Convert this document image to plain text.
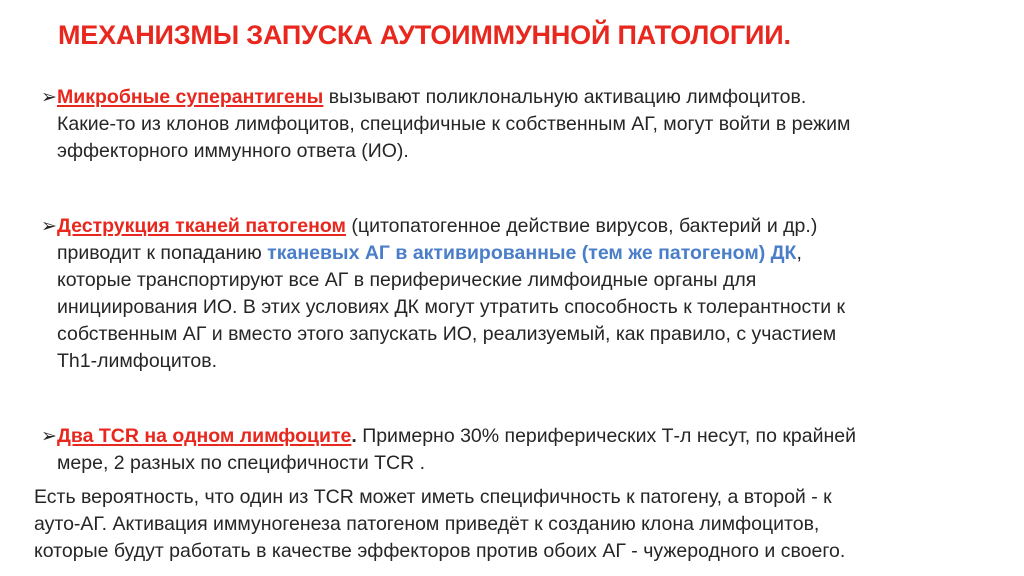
МЕХАНИЗМЫ ЗАПУСКА АУТОИММУННОЙ ПАТОЛОГИИ.
➢ Микробные суперантигены вызывают поликлональную активацию лимфоцитов.
Какие-то из клонов лимфоцитов, специфичные к собственным АГ, могут войти в режим
эффекторного иммунного ответа (ИО).
➢ Деструкция тканей патогеном (цитопатогенное действие вирусов, бактерий и др.)
приводит к попаданию тканевых АГ в активированные (тем же патогеном) ДК,
которые транспортируют все АГ в периферические лимфоидные органы для
инициирования ИО. В этих условиях ДК могут утратить способность к толерантности к
собственным АГ и вместо этого запускать ИО, реализуемый, как правило, с участием
Th1-лимфоцитов.
➢ Два TCR на одном лимфоците. Примерно 30% периферических Т-л несут, по крайней
мере, 2 разных по специфичности TCR .
Есть вероятность, что один из TCR может иметь специфичность к патогену, а второй - к
ауто-АГ. Активация иммуногенеза патогеном приведёт к созданию клона лимфоцитов,
которые будут работать в качестве эффекторов против обоих АГ - чужеродного и своего.
